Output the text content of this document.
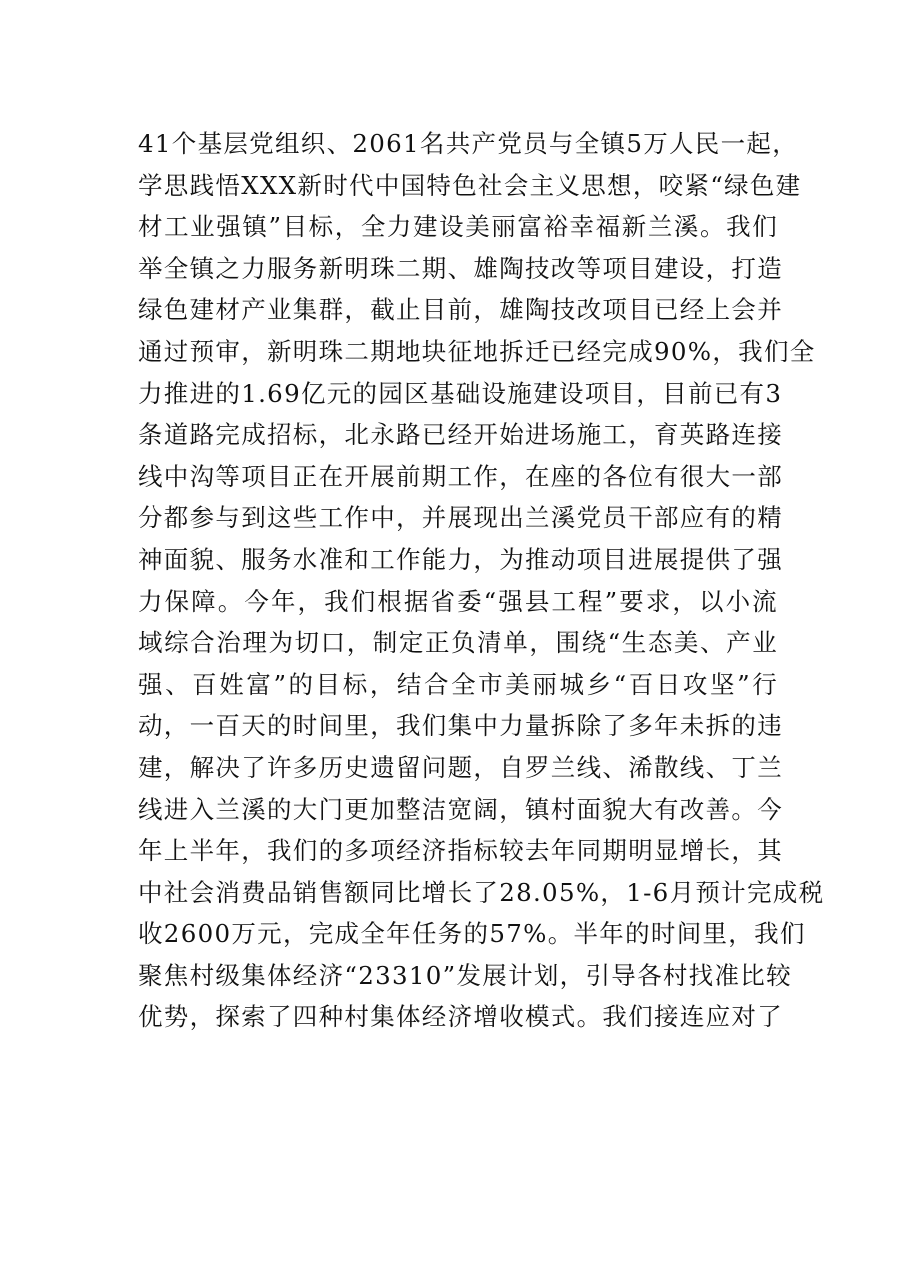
41个基层党组织、2061名共产党员与全镇5万人民一起，
学思践悟XXX新时代中国特色社会主义思想，咬紧“绿色建
材工业强镇”目标，全力建设美丽富裕幸福新兰溪。我们
举全镇之力服务新明珠二期、雄陶技改等项目建设，打造
绿色建材产业集群，截止目前，雄陶技改项目已经上会并
通过预审，新明珠二期地块征地拆迁已经完成90%，我们全
力推进的1.69亿元的园区基础设施建设项目，目前已有3
条道路完成招标，北永路已经开始进场施工，育英路连接
线中沟等项目正在开展前期工作，在座的各位有很大一部
分都参与到这些工作中，并展现出兰溪党员干部应有的精
神面貌、服务水准和工作能力，为推动项目进展提供了强
力保障。今年，我们根据省委“强县工程”要求，以小流
域综合治理为切口，制定正负清单，围绕“生态美、产业
强、百姓富”的目标，结合全市美丽城乡“百日攻坚”行
动，一百天的时间里，我们集中力量拆除了多年未拆的违
建，解决了许多历史遗留问题，自罗兰线、浠散线、丁兰
线进入兰溪的大门更加整洁宽阔，镇村面貌大有改善。今
年上半年，我们的多项经济指标较去年同期明显增长，其
中社会消费品销售额同比增长了28.05%，1-6月预计完成税
收2600万元，完成全年任务的57%。半年的时间里，我们
聚焦村级集体经济“23310”发展计划，引导各村找准比较
优势，探索了四种村集体经济增收模式。我们接连应对了
